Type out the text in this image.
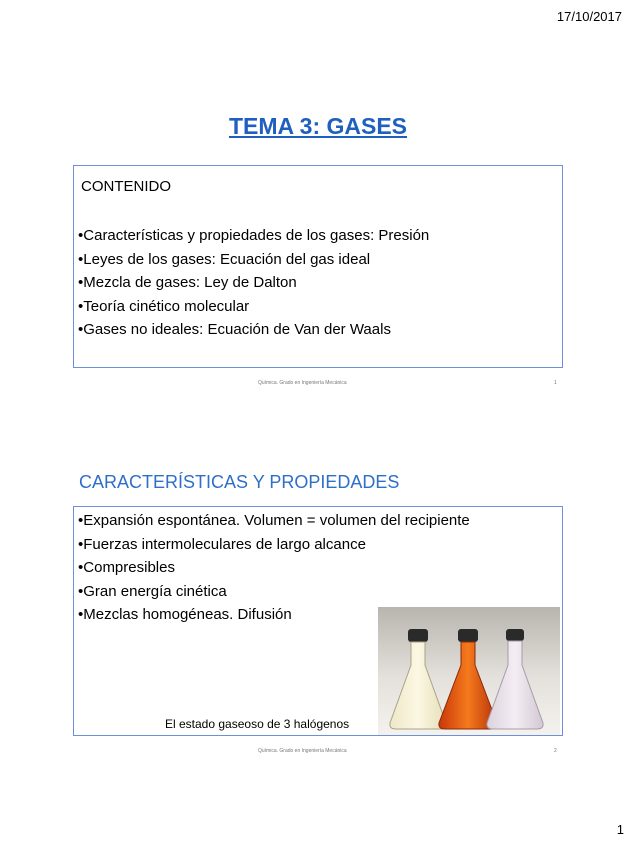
17/10/2017
TEMA 3: GASES
CONTENIDO
• Características y propiedades de los gases: Presión
• Leyes de los gases: Ecuación del gas ideal
• Mezcla de gases: Ley de Dalton
• Teoría cinético molecular
• Gases no ideales: Ecuación de Van der Waals
Química. Grado en Ingeniería Mecánica	1
CARACTERÍSTICAS Y PROPIEDADES
• Expansión espontánea. Volumen = volumen del recipiente
• Fuerzas intermoleculares de largo alcance
• Compresibles
• Gran energía cinética
• Mezclas homogéneas. Difusión
El estado gaseoso de 3 halógenos
Química. Grado en Ingeniería Mecánica	2
1
